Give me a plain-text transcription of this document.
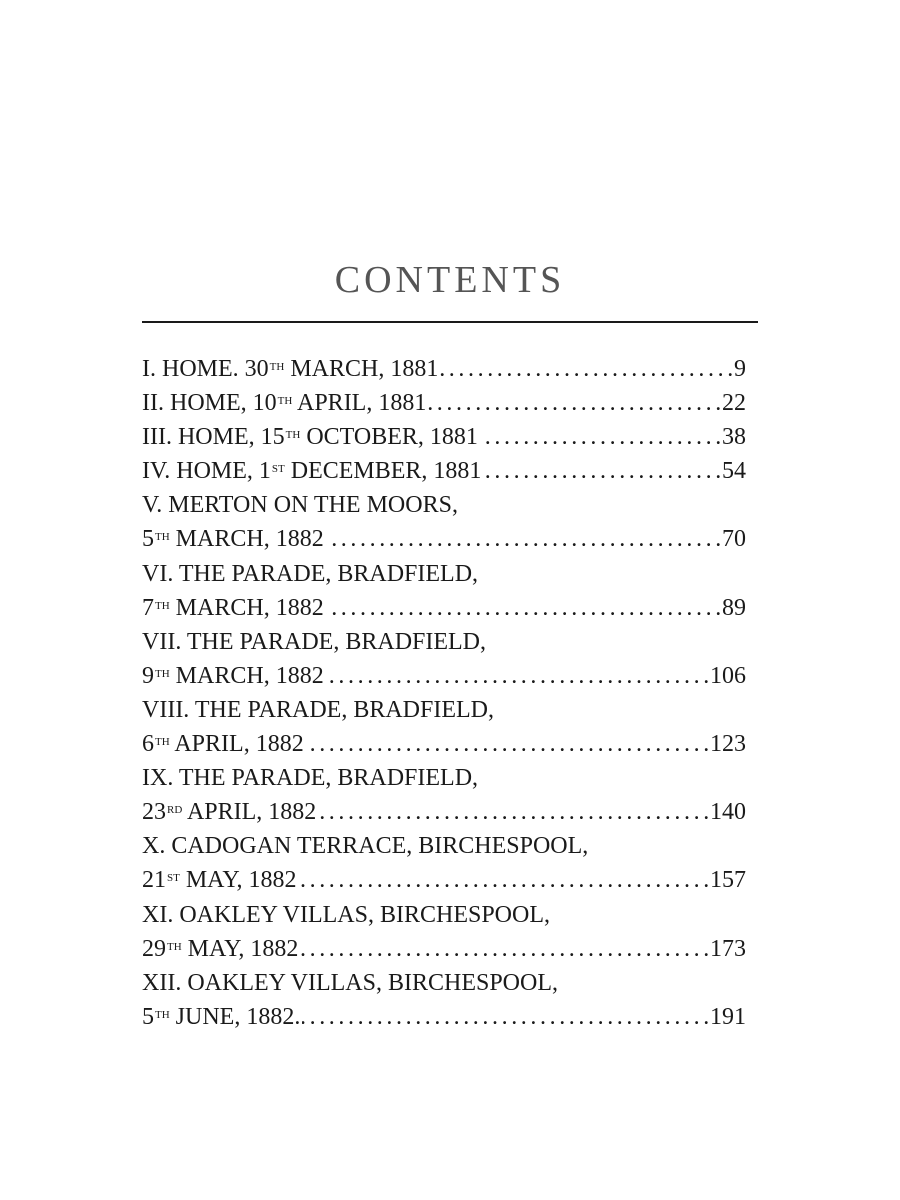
CONTENTS
I. HOME. 30TH MARCH, 1881 . . .	9
II. HOME, 10TH APRIL, 1881 . . .	22
III. HOME, 15TH OCTOBER, 1881 . . .	38
IV. HOME, 1ST DECEMBER, 1881 . . .	54
V. MERTON ON THE MOORS,
5TH MARCH, 1882 . . .	70
VI. THE PARADE, BRADFIELD,
7TH MARCH, 1882 . . .	89
VII. THE PARADE, BRADFIELD,
9TH MARCH, 1882 . . .	106
VIII. THE PARADE, BRADFIELD,
6TH APRIL, 1882 . . .	123
IX. THE PARADE, BRADFIELD,
23RD APRIL, 1882 . . .	140
X. CADOGAN TERRACE, BIRCHESPOOL,
21ST MAY, 1882 . . .	157
XI. OAKLEY VILLAS, BIRCHESPOOL,
29TH MAY, 1882 . . .	173
XII. OAKLEY VILLAS, BIRCHESPOOL,
5TH JUNE, 1882. . . .	191
